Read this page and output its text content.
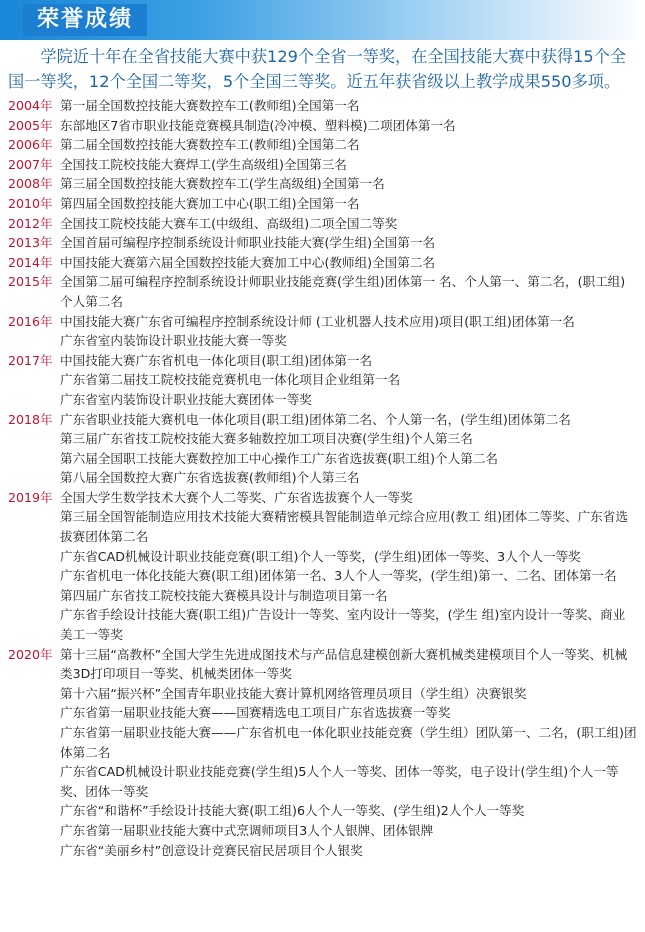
荣誉成绩

学院近十年在全省技能大赛中获129个全省一等奖，在全国技能大赛中获得15个全国一等奖，12个全国二等奖，5个全国三等奖。近五年获省级以上教学成果550多项。

2004年 第一届全国数控技能大赛数控车工(教师组)全国第一名
2005年 东部地区7省市职业技能竞赛模具制造(冷冲模、塑料模)二项团体第一名
2006年 第二届全国数控技能大赛数控车工(教师组)全国第二名
2007年 全国技工院校技能大赛焊工(学生高级组)全国第三名
2008年 第三届全国数控技能大赛数控车工(学生高级组)全国第一名
2010年 第四届全国数控技能大赛加工中心(职工组)全国第一名
2012年 全国技工院校技能大赛车工(中级组、高级组)二项全国二等奖
2013年 全国首届可编程序控制系统设计师职业技能大赛(学生组)全国第一名
2014年 中国技能大赛第六届全国数控技能大赛加工中心(教师组)全国第二名
2015年 全国第二届可编程序控制系统设计师职业技能竞赛(学生组)团体第一 名、个人第一、第二名，(职工组)个人第二名
2016年 中国技能大赛广东省可编程序控制系统设计师 (工业机器人技术应用)项目(职工组)团体第一名
广东省室内装饰设计职业技能大赛一等奖
2017年 中国技能大赛广东省机电一体化项目(职工组)团体第一名
广东省第二届技工院校技能竞赛机电一体化项目企业组第一名
广东省室内装饰设计职业技能大赛团体一等奖
2018年 广东省职业技能大赛机电一体化项目(职工组)团体第二名、个人第一名，(学生组)团体第二名
第三届广东省技工院校技能大赛多轴数控加工项目决赛(学生组)个人第三名
第六届全国职工技能大赛数控加工中心操作工广东省选拔赛(职工组)个人第二名
第八届全国数控大赛广东省选拔赛(教师组)个人第三名
2019年 全国大学生数学技术大赛个人二等奖、广东省选拔赛个人一等奖
第三届全国智能制造应用技术技能大赛精密模具智能制造单元综合应用(教工 组)团体二等奖、广东省选拔赛团体第二名
广东省CAD机械设计职业技能竞赛(职工组)个人一等奖，(学生组)团体一等奖、3人个人一等奖
广东省机电一体化技能大赛(职工组)团体第一名、3人个人一等奖，(学生组)第一、二名、团体第一名
第四届广东省技工院校技能大赛模具设计与制造项目第一名
广东省手绘设计技能大赛(职工组)广告设计一等奖、室内设计一等奖，(学生 组)室内设计一等奖、商业美工一等奖
2020年 第十三届“高教杯”全国大学生先进成图技术与产品信息建模创新大赛机械类建模项目个人一等奖、机械类3D打印项目一等奖、机械类团体一等奖
第十六届“振兴杯”全国青年职业技能大赛计算机网络管理员项目（学生组）决赛银奖
广东省第一届职业技能大赛——国赛精选电工项目广东省选拔赛一等奖
广东省第一届职业技能大赛——广东省机电一体化职业技能竞赛（学生组）团队第一、二名，(职工组)团体第二名
广东省CAD机械设计职业技能竞赛(学生组)5人个人一等奖、团体一等奖，电子设计(学生组)个人一等奖、团体一等奖
广东省“和谐杯”手绘设计技能大赛(职工组)6人个人一等奖、(学生组)2人个人一等奖
广东省第一届职业技能大赛中式烹调师项目3人个人银牌、团体银牌
广东省“美丽乡村”创意设计竞赛民宿民居项目个人银奖
